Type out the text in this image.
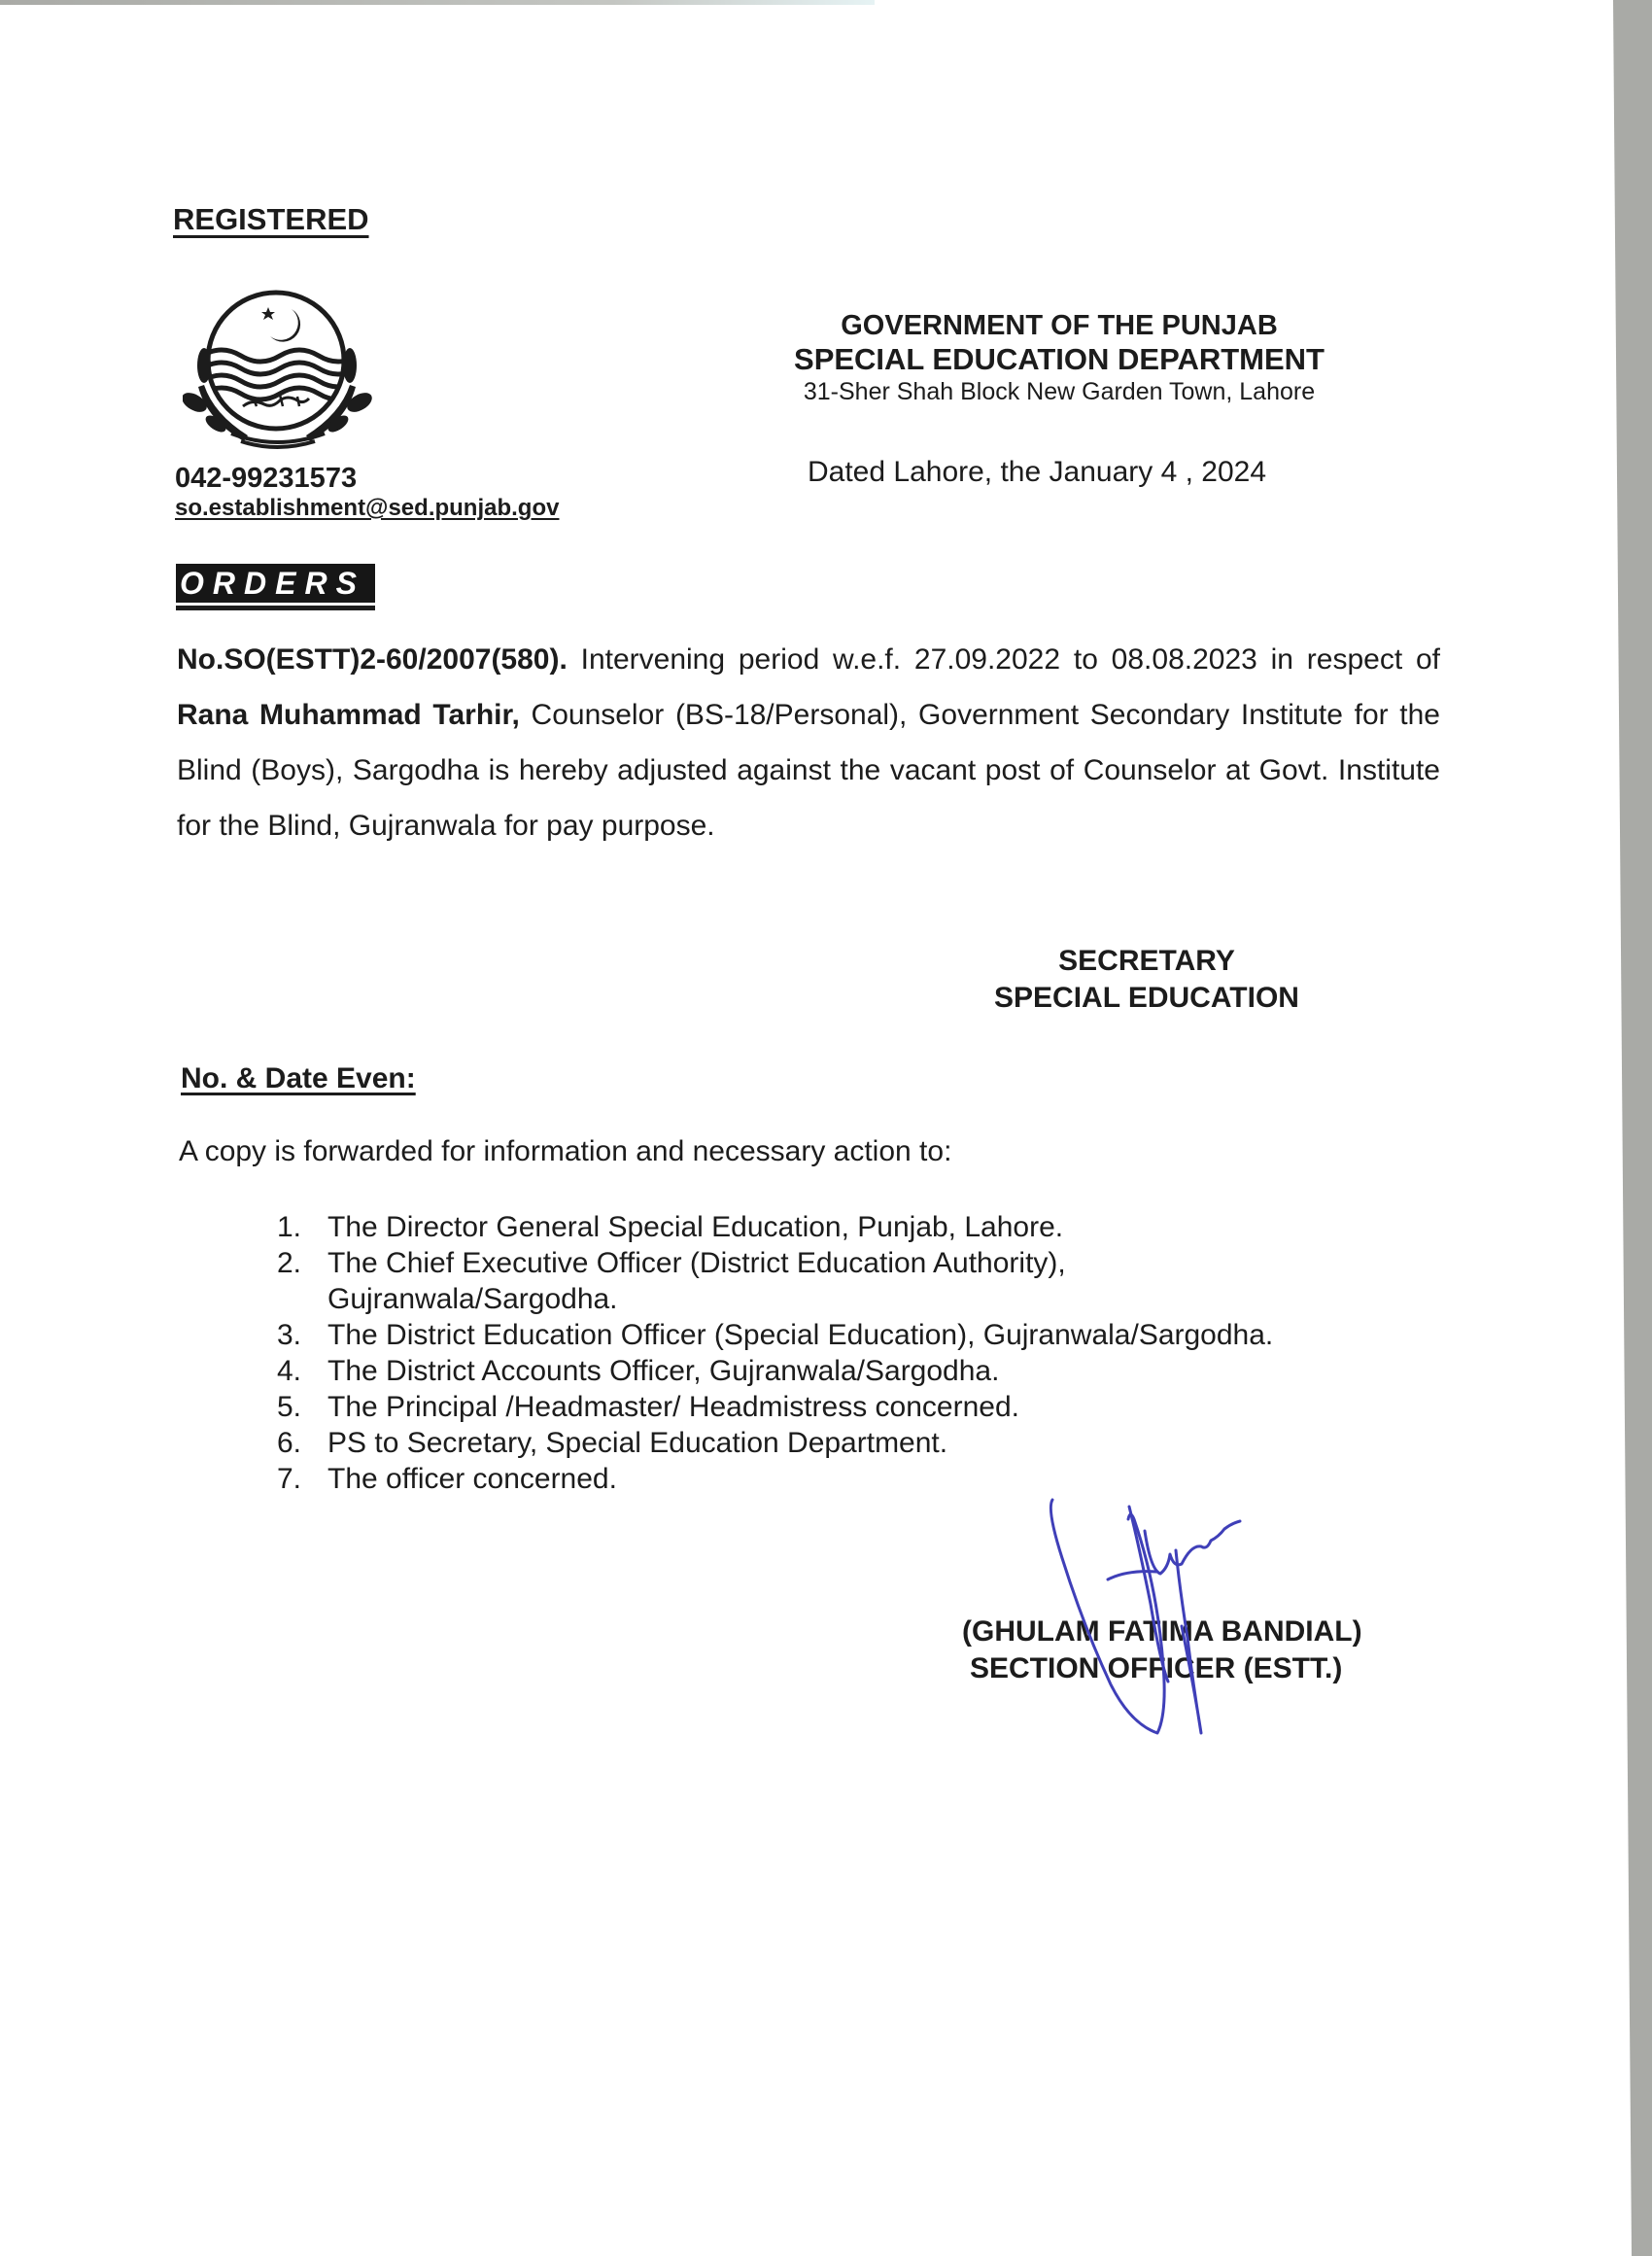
REGISTERED
GOVERNMENT OF THE PUNJAB
SPECIAL EDUCATION DEPARTMENT
31-Sher Shah Block New Garden Town, Lahore
042-99231573
so.establishment@sed.punjab.gov
Dated Lahore, the January 4 , 2024
ORDERS
No.SO(ESTT)2-60/2007(580). Intervening period w.e.f. 27.09.2022 to 08.08.2023 in respect of Rana Muhammad Tarhir, Counselor (BS-18/Personal), Government Secondary Institute for the Blind (Boys), Sargodha is hereby adjusted against the vacant post of Counselor at Govt. Institute for the Blind, Gujranwala for pay purpose.
SECRETARY
SPECIAL EDUCATION
No. & Date Even:
A copy is forwarded for information and necessary action to:
1. The Director General Special Education, Punjab, Lahore.
2. The Chief Executive Officer (District Education Authority), Gujranwala/Sargodha.
3. The District Education Officer (Special Education), Gujranwala/Sargodha.
4. The District Accounts Officer, Gujranwala/Sargodha.
5. The Principal /Headmaster/ Headmistress concerned.
6. PS to Secretary, Special Education Department.
7. The officer concerned.
(GHULAM FATIMA BANDIAL)
SECTION OFFICER (ESTT.)
